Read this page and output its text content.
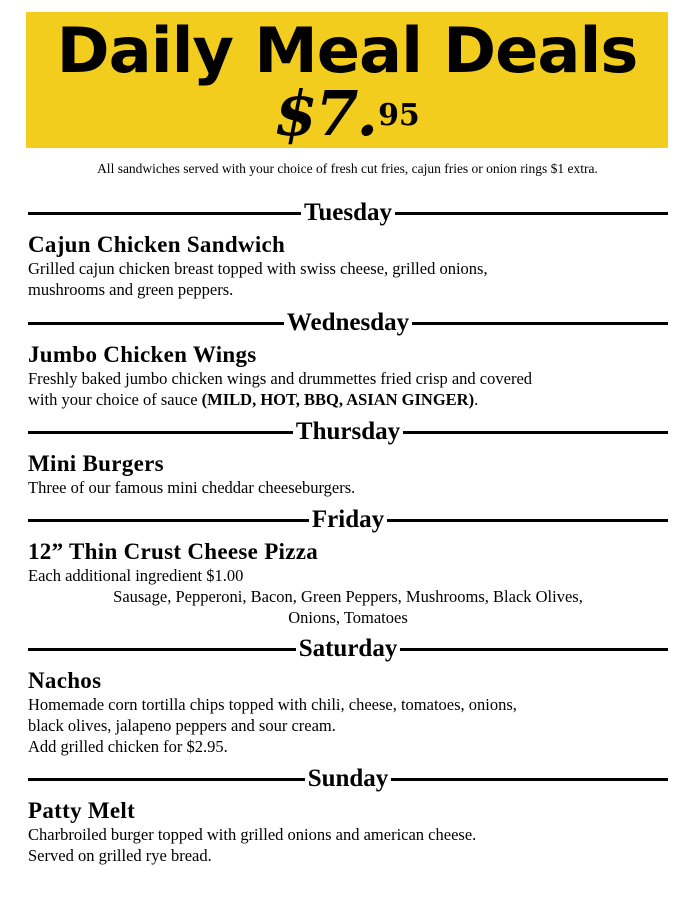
Daily Meal Deals
$7.95
All sandwiches served with your choice of fresh cut fries, cajun fries or onion rings $1 extra.
Tuesday
Cajun Chicken Sandwich
Grilled cajun chicken breast topped with swiss cheese, grilled onions,
mushrooms and green peppers.
Wednesday
Jumbo Chicken Wings
Freshly baked jumbo chicken wings and drummettes fried crisp and covered
with your choice of sauce (MILD, HOT, BBQ, ASIAN GINGER).
Thursday
Mini Burgers
Three of our famous mini cheddar cheeseburgers.
Friday
12” Thin Crust Cheese Pizza
Each additional ingredient $1.00
Sausage, Pepperoni, Bacon, Green Peppers, Mushrooms, Black Olives,
Onions, Tomatoes
Saturday
Nachos
Homemade corn tortilla chips topped with chili, cheese, tomatoes, onions,
black olives, jalapeno peppers and sour cream.
Add grilled chicken for $2.95.
Sunday
Patty Melt
Charbroiled burger topped with grilled onions and american cheese.
Served on grilled rye bread.
